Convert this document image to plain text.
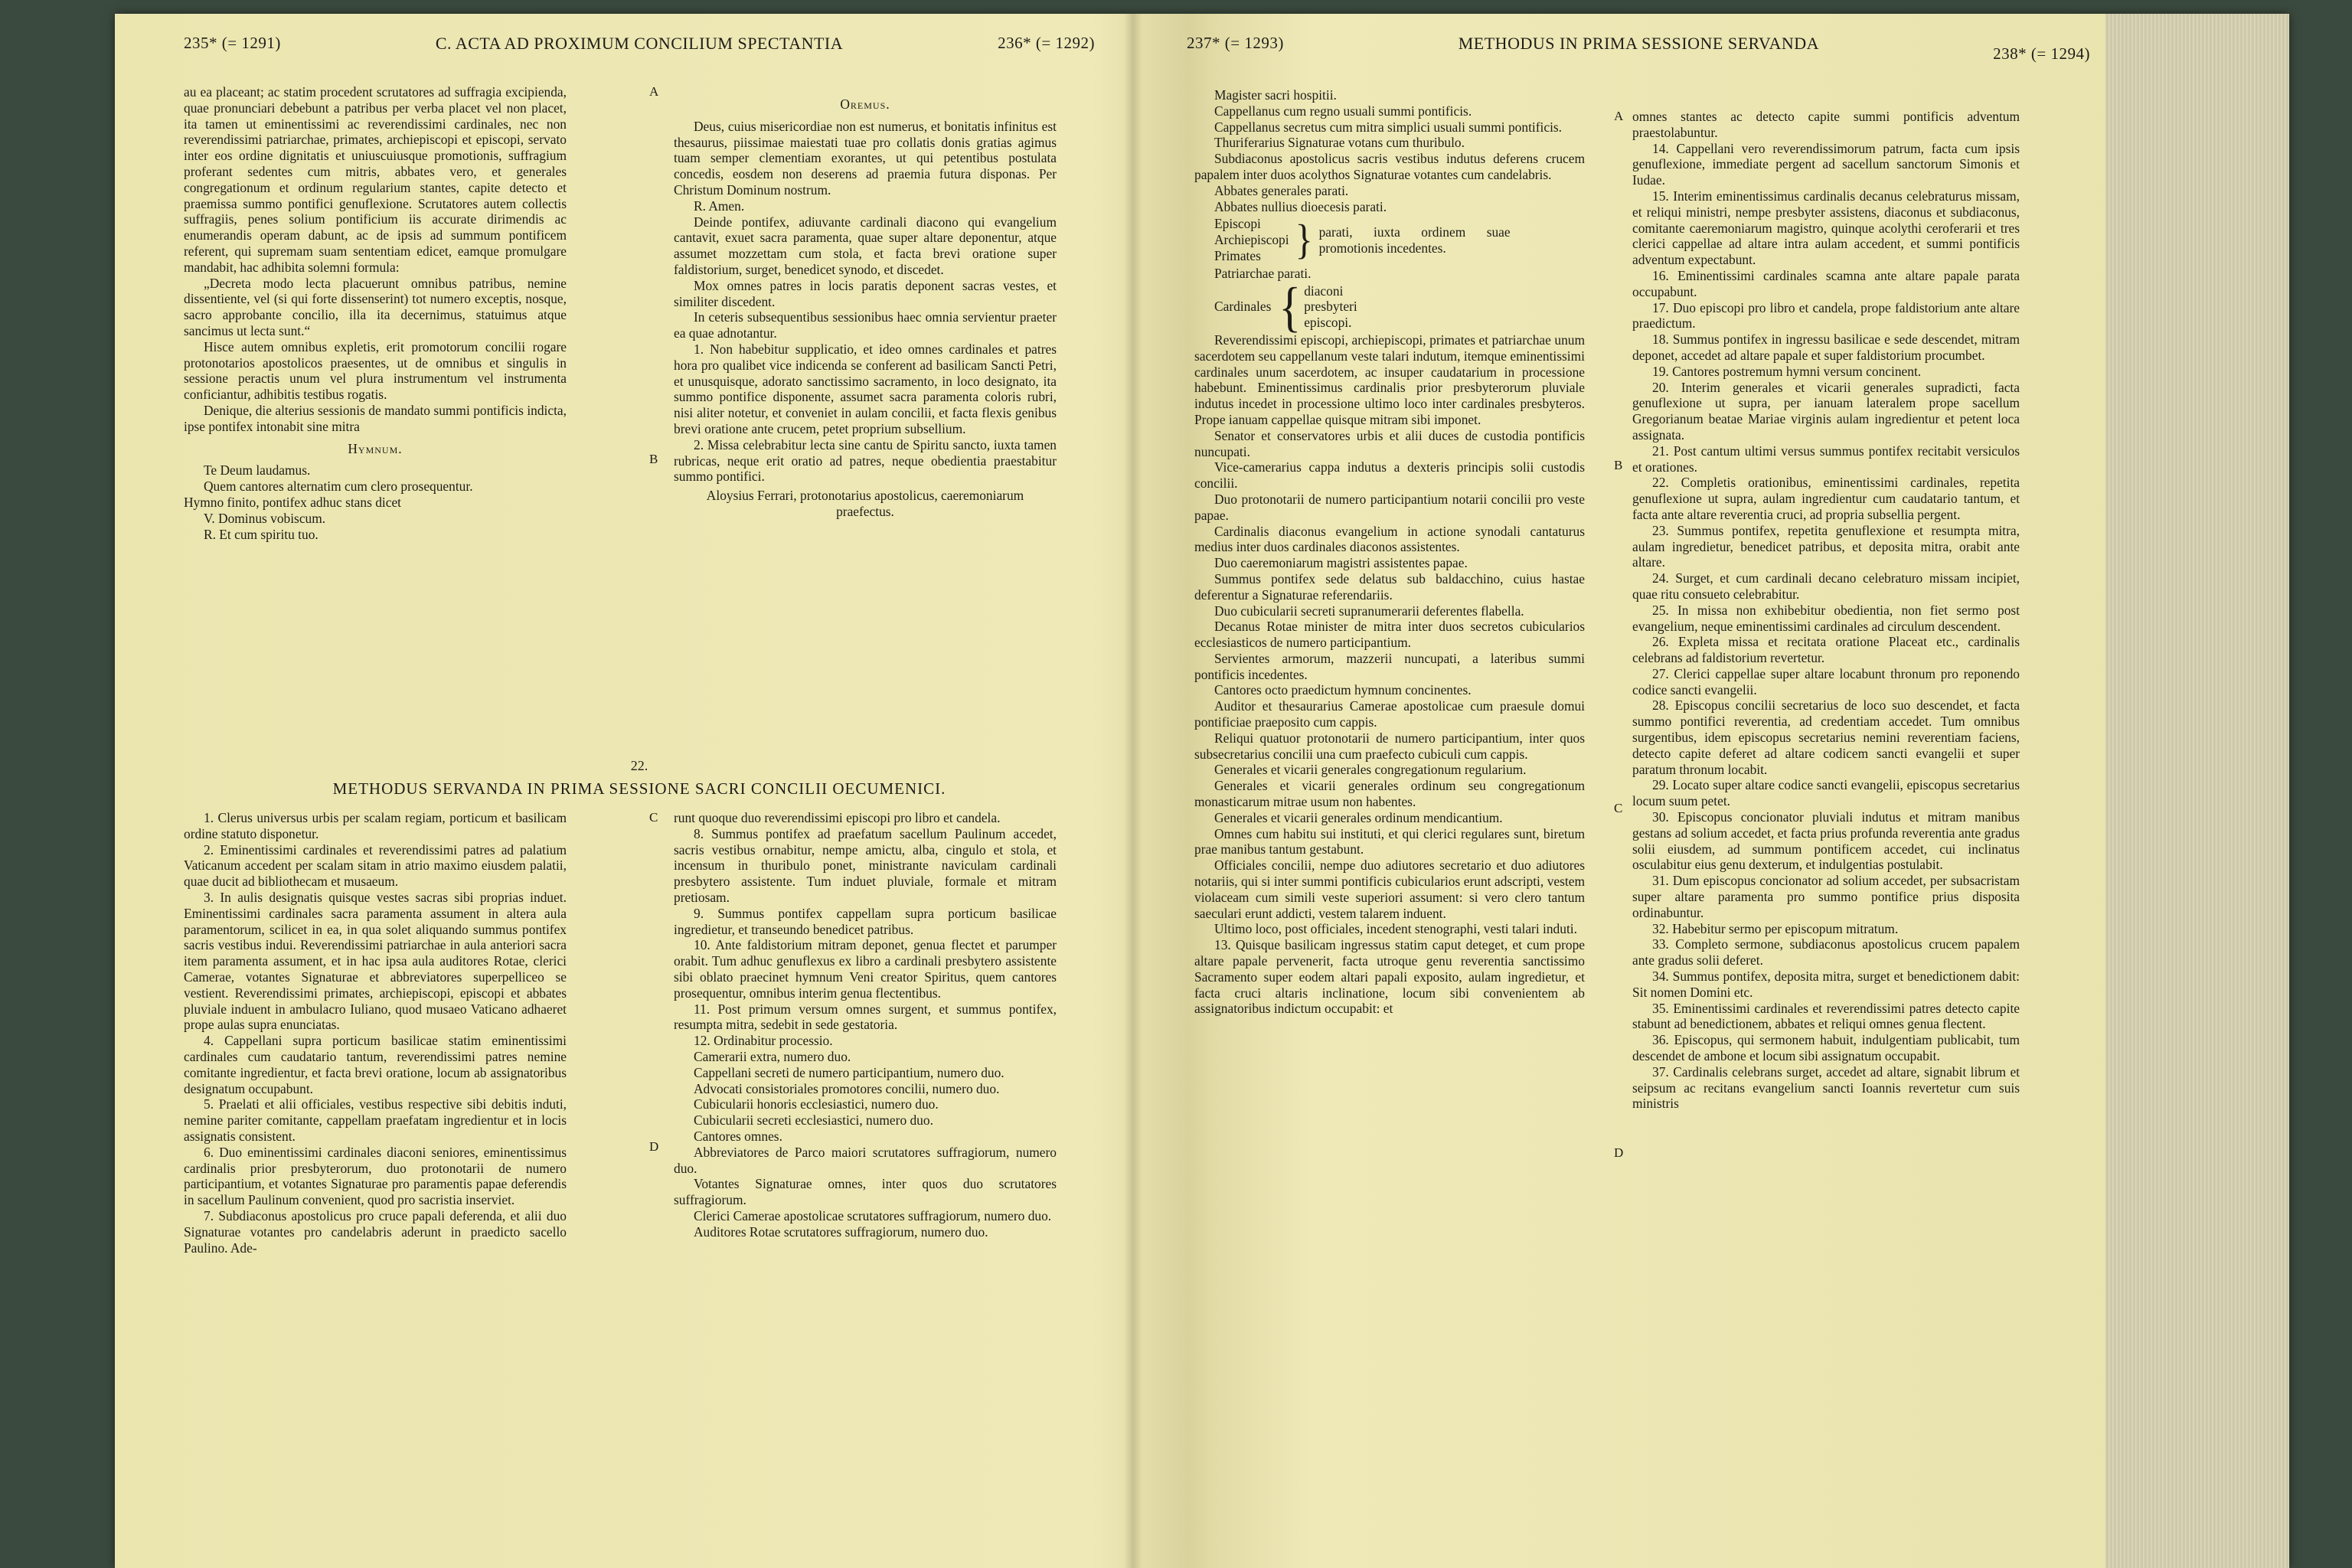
235* (= 1291)	C. ACTA AD PROXIMUM CONCILIUM SPECTANTIA	236* (= 1292)

au ea placeant; ac statim procedent scrutatores ad suffragia excipienda, quae pronunciari debebunt a patribus per verba placet vel non placet, ita tamen ut eminentissimi ac reverendissimi cardinales, nec non reverendissimi patriarchae, primates, archiepiscopi et episcopi, servato inter eos ordine dignitatis et uniuscuiusque promotionis, suffragium proferant sedentes cum mitris, abbates vero, et generales congregationum et ordinum regularium stantes, capite detecto et praemissa summo pontifici genuflexione. Scrutatores autem collectis suffragiis, penes solium pontificium iis accurate dirimendis ac enumerandis operam dabunt, ac de ipsis ad summum pontificem referent, qui supremam suam sententiam edicet, eamque promulgare mandabit, hac adhibita solemni formula:

„Decreta modo lecta placuerunt omnibus patribus, nemine dissentiente, vel (si qui forte dissenserint) tot numero exceptis, nosque, sacro approbante concilio, illa ita decernimus, statuimus atque sancimus ut lecta sunt.“

Hisce autem omnibus expletis, erit promotorum concilii rogare protonotarios apostolicos praesentes, ut de omnibus et singulis in sessione peractis unum vel plura instrumentum vel instrumenta conficiantur, adhibitis testibus rogatis.

Denique, die alterius sessionis de mandato summi pontificis indicta, ipse pontifex intonabit sine mitra

Hymnum.

Te Deum laudamus.

Quem cantores alternatim cum clero prosequentur.

Hymno finito, pontifex adhuc stans dicet

V. Dominus vobiscum.

R. Et cum spiritu tuo.

A
B

Oremus.

Deus, cuius misericordiae non est numerus, et bonitatis infinitus est thesaurus, piissimae maiestati tuae pro collatis donis gratias agimus tuam semper clementiam exorantes, ut qui petentibus postulata concedis, eosdem non deserens ad praemia futura disponas. Per Christum Dominum nostrum.

R. Amen.

Deinde pontifex, adiuvante cardinali diacono qui evangelium cantavit, exuet sacra paramenta, quae super altare deponentur, atque assumet mozzettam cum stola, et facta brevi oratione super faldistorium, surget, benedicet synodo, et discedet.

Mox omnes patres in locis paratis deponent sacras vestes, et similiter discedent.

In ceteris subsequentibus sessionibus haec omnia servientur praeter ea quae adnotantur.

1. Non habebitur supplicatio, et ideo omnes cardinales et patres hora pro qualibet vice indicenda se conferent ad basilicam Sancti Petri, et unusquisque, adorato sanctissimo sacramento, in loco designato, ita summo pontifice disponente, assumet sacra paramenta coloris rubri, nisi aliter notetur, et conveniet in aulam concilii, et facta flexis genibus brevi oratione ante crucem, petet proprium subsellium.

2. Missa celebrabitur lecta sine cantu de Spiritu sancto, iuxta tamen rubricas, neque erit oratio ad patres, neque obedientia praestabitur summo pontifici.

Aloysius Ferrari, protonotarius apostolicus, caeremoniarum praefectus.

22.
METHODUS SERVANDA IN PRIMA SESSIONE SACRI CONCILII OECUMENICI.

1. Clerus universus urbis per scalam regiam, porticum et basilicam ordine statuto disponetur.

2. Eminentissimi cardinales et reverendissimi patres ad palatium Vaticanum accedent per scalam sitam in atrio maximo eiusdem palatii, quae ducit ad bibliothecam et musaeum.

3. In aulis designatis quisque vestes sacras sibi proprias induet. Eminentissimi cardinales sacra paramenta assument in altera aula paramentorum, scilicet in ea, in qua solet aliquando summus pontifex sacris vestibus indui. Reverendissimi patriarchae in aula anteriori sacra item paramenta assument, et in hac ipsa aula auditores Rotae, clerici Camerae, votantes Signaturae et abbreviatores superpelliceo se vestient. Reverendissimi primates, archiepiscopi, episcopi et abbates pluviale induent in ambulacro Iuliano, quod musaeo Vaticano adhaeret prope aulas supra enunciatas.

4. Cappellani supra porticum basilicae statim eminentissimi cardinales cum caudatario tantum, reverendissimi patres nemine comitante ingredientur, et facta brevi oratione, locum ab assignatoribus designatum occupabunt.

5. Praelati et alii officiales, vestibus respective sibi debitis induti, nemine pariter comitante, cappellam praefatam ingredientur et in locis assignatis consistent.

6. Duo eminentissimi cardinales diaconi seniores, eminentissimus cardinalis prior presbyterorum, duo protonotarii de numero participantium, et votantes Signaturae pro paramentis papae deferendis in sacellum Paulinum convenient, quod pro sacristia inserviet.

7. Subdiaconus apostolicus pro cruce papali deferenda, et alii duo Signaturae votantes pro candelabris aderunt in praedicto sacello Paulino. Ade-

C
D

runt quoque duo reverendissimi episcopi pro libro et candela.

8. Summus pontifex ad praefatum sacellum Paulinum accedet, sacris vestibus ornabitur, nempe amictu, alba, cingulo et stola, et incensum in thuribulo ponet, ministrante naviculam cardinali presbytero assistente. Tum induet pluviale, formale et mitram pretiosam.

9. Summus pontifex cappellam supra porticum basilicae ingredietur, et transeundo benedicet patribus.

10. Ante faldistorium mitram deponet, genua flectet et parumper orabit. Tum adhuc genuflexus ex libro a cardinali presbytero assistente sibi oblato praecinet hymnum Veni creator Spiritus, quem cantores prosequentur, omnibus interim genua flectentibus.

11. Post primum versum omnes surgent, et summus pontifex, resumpta mitra, sedebit in sede gestatoria.

12. Ordinabitur processio.

Camerarii extra, numero duo.

Cappellani secreti de numero participantium, numero duo.

Advocati consistoriales promotores concilii, numero duo.

Cubicularii honoris ecclesiastici, numero duo.

Cubicularii secreti ecclesiastici, numero duo.

Cantores omnes.

Abbreviatores de Parco maiori scrutatores suffragiorum, numero duo.

Votantes Signaturae omnes, inter quos duo scrutatores suffragiorum.

Clerici Camerae apostolicae scrutatores suffragiorum, numero duo.

Auditores Rotae scrutatores suffragiorum, numero duo.

237* (= 1293)	METHODUS IN PRIMA SESSIONE SERVANDA
238* (= 1294)

Magister sacri hospitii.

Cappellanus cum regno usuali summi pontificis.

Cappellanus secretus cum mitra simplici usuali summi pontificis.

Thuriferarius Signaturae votans cum thuribulo.

Subdiaconus apostolicus sacris vestibus indutus deferens crucem papalem inter duos acolythos Signaturae votantes cum candelabris.

Abbates generales parati.

Abbates nullius dioecesis parati.

Episcopi
Archiepiscopi
Primates } parati, iuxta ordinem suae promotionis incedentes.

Patriarchae parati.

Cardinales { diaconi
presbyteri
episcopi.

Reverendissimi episcopi, archiepiscopi, primates et patriarchae unum sacerdotem seu cappellanum veste talari indutum, itemque eminentissimi cardinales unum sacerdotem, ac insuper caudatarium in processione habebunt. Eminentissimus cardinalis prior presbyterorum pluviale indutus incedet in processione ultimo loco inter cardinales presbyteros. Prope ianuam cappellae quisque mitram sibi imponet.

Senator et conservatores urbis et alii duces de custodia pontificis nuncupati.

Vice-camerarius cappa indutus a dexteris principis solii custodis concilii.

Duo protonotarii de numero participantium notarii concilii pro veste papae.

Cardinalis diaconus evangelium in actione synodali cantaturus medius inter duos cardinales diaconos assistentes.

Duo caeremoniarum magistri assistentes papae.

Summus pontifex sede delatus sub baldacchino, cuius hastae deferentur a Signaturae referendariis.

Duo cubicularii secreti supranumerarii deferentes flabella.

Decanus Rotae minister de mitra inter duos secretos cubicularios ecclesiasticos de numero participantium.

Servientes armorum, mazzerii nuncupati, a lateribus summi pontificis incedentes.

Cantores octo praedictum hymnum concinentes.

Auditor et thesaurarius Camerae apostolicae cum praesule domui pontificiae praeposito cum cappis.

Reliqui quatuor protonotarii de numero participantium, inter quos subsecretarius concilii una cum praefecto cubiculi cum cappis.

Generales et vicarii generales congregationum regularium.

Generales et vicarii generales ordinum seu congregationum monasticarum mitrae usum non habentes.

Generales et vicarii generales ordinum mendicantium.

Omnes cum habitu sui instituti, et qui clerici regulares sunt, biretum prae manibus tantum gestabunt.

Officiales concilii, nempe duo adiutores secretario et duo adiutores notariis, qui si inter summi pontificis cubicularios erunt adscripti, vestem violaceam cum simili veste superiori assument: si vero clero tantum saeculari erunt addicti, vestem talarem induent.

Ultimo loco, post officiales, incedent stenographi, vesti talari induti.

13. Quisque basilicam ingressus statim caput deteget, et cum prope altare papale pervenerit, facta utroque genu reverentia sanctissimo Sacramento super eodem altari papali exposito, aulam ingredietur, et facta cruci altaris inclinatione, locum sibi convenientem ab assignatoribus indictum occupabit: et

A
B
C
D

omnes stantes ac detecto capite summi pontificis adventum praestolabuntur.

14. Cappellani vero reverendissimorum patrum, facta cum ipsis genuflexione, immediate pergent ad sacellum sanctorum Simonis et Iudae.

15. Interim eminentissimus cardinalis decanus celebraturus missam, et reliqui ministri, nempe presbyter assistens, diaconus et subdiaconus, comitante caeremoniarum magistro, quinque acolythi ceroferarii et tres clerici cappellae ad altare intra aulam accedent, et summi pontificis adventum expectabunt.

16. Eminentissimi cardinales scamna ante altare papale parata occupabunt.

17. Duo episcopi pro libro et candela, prope faldistorium ante altare praedictum.

18. Summus pontifex in ingressu basilicae e sede descendet, mitram deponet, accedet ad altare papale et super faldistorium procumbet.

19. Cantores postremum hymni versum concinent.

20. Interim generales et vicarii generales supradicti, facta genuflexione ut supra, per ianuam lateralem prope sacellum Gregorianum beatae Mariae virginis aulam ingredientur et petent loca assignata.

21. Post cantum ultimi versus summus pontifex recitabit versiculos et orationes.

22. Completis orationibus, eminentissimi cardinales, repetita genuflexione ut supra, aulam ingredientur cum caudatario tantum, et facta ante altare reverentia cruci, ad propria subsellia pergent.

23. Summus pontifex, repetita genuflexione et resumpta mitra, aulam ingredietur, benedicet patribus, et deposita mitra, orabit ante altare.

24. Surget, et cum cardinali decano celebraturo missam incipiet, quae ritu consueto celebrabitur.

25. In missa non exhibebitur obedientia, non fiet sermo post evangelium, neque eminentissimi cardinales ad circulum descendent.

26. Expleta missa et recitata oratione Placeat etc., cardinalis celebrans ad faldistorium revertetur.

27. Clerici cappellae super altare locabunt thronum pro reponendo codice sancti evangelii.

28. Episcopus concilii secretarius de loco suo descendet, et facta summo pontifici reverentia, ad credentiam accedet. Tum omnibus surgentibus, idem episcopus secretarius nemini reverentiam faciens, detecto capite deferet ad altare codicem sancti evangelii et super paratum thronum locabit.

29. Locato super altare codice sancti evangelii, episcopus secretarius locum suum petet.

30. Episcopus concionator pluviali indutus et mitram manibus gestans ad solium accedet, et facta prius profunda reverentia ante gradus solii eiusdem, ad summum pontificem accedet, cui inclinatus osculabitur eius genu dexterum, et indulgentias postulabit.

31. Dum episcopus concionator ad solium accedet, per subsacristam super altare paramenta pro summo pontifice prius disposita ordinabuntur.

32. Habebitur sermo per episcopum mitratum.

33. Completo sermone, subdiaconus apostolicus crucem papalem ante gradus solii deferet.

34. Summus pontifex, deposita mitra, surget et benedictionem dabit: Sit nomen Domini etc.

35. Eminentissimi cardinales et reverendissimi patres detecto capite stabunt ad benedictionem, abbates et reliqui omnes genua flectent.

36. Episcopus, qui sermonem habuit, indulgentiam publicabit, tum descendet de ambone et locum sibi assignatum occupabit.

37. Cardinalis celebrans surget, accedet ad altare, signabit librum et seipsum ac recitans evangelium sancti Ioannis revertetur cum suis ministris
